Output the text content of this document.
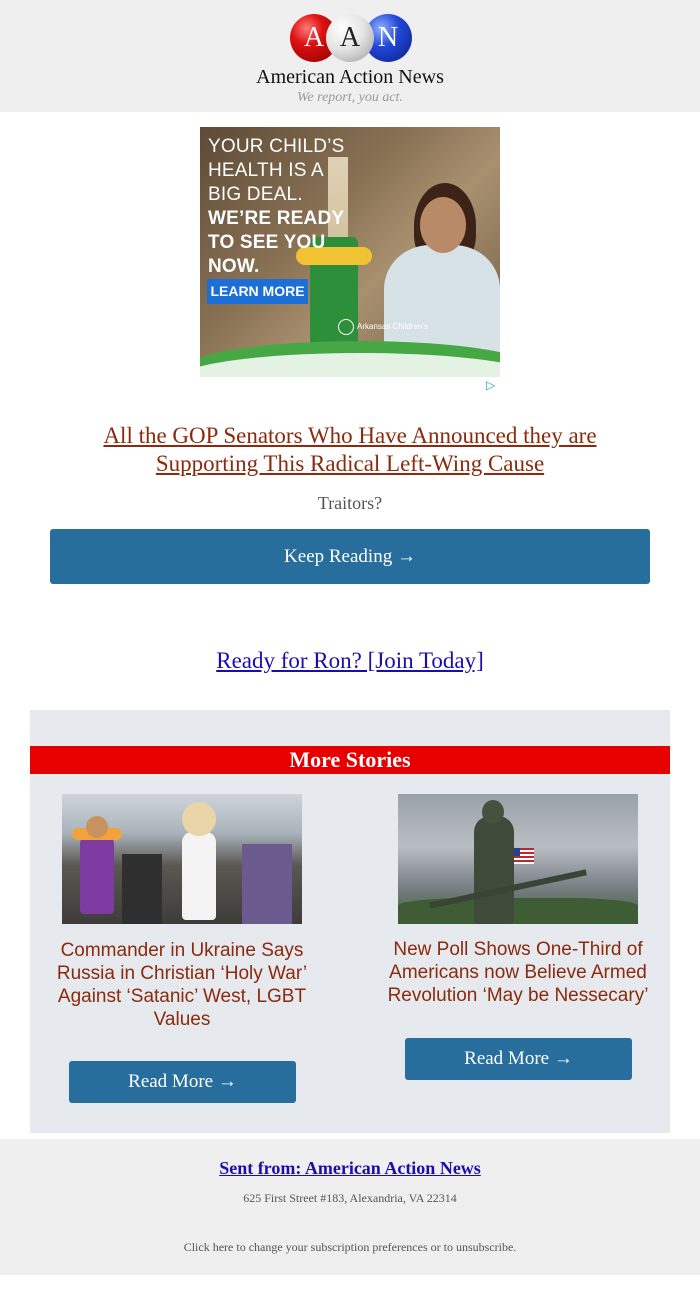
A A N
American Action News
We report, you act.
YOUR CHILD’S
HEALTH IS A
BIG DEAL.
WE’RE READY
TO SEE YOU
NOW.
LEARN MORE
Arkansas Children’s
▷
All the GOP Senators Who Have Announced they are Supporting This Radical Left-Wing Cause
Traitors?
Keep Reading →
Ready for Ron? [Join Today]
More Stories
Commander in Ukraine Says Russia in Christian ‘Holy War’ Against ‘Satanic’ West, LGBT Values
Read More →
New Poll Shows One-Third of Americans now Believe Armed Revolution ‘May be Nessecary’
Read More →
Sent from: American Action News
625 First Street #183, Alexandria, VA 22314
Click here to change your subscription preferences or to unsubscribe.
